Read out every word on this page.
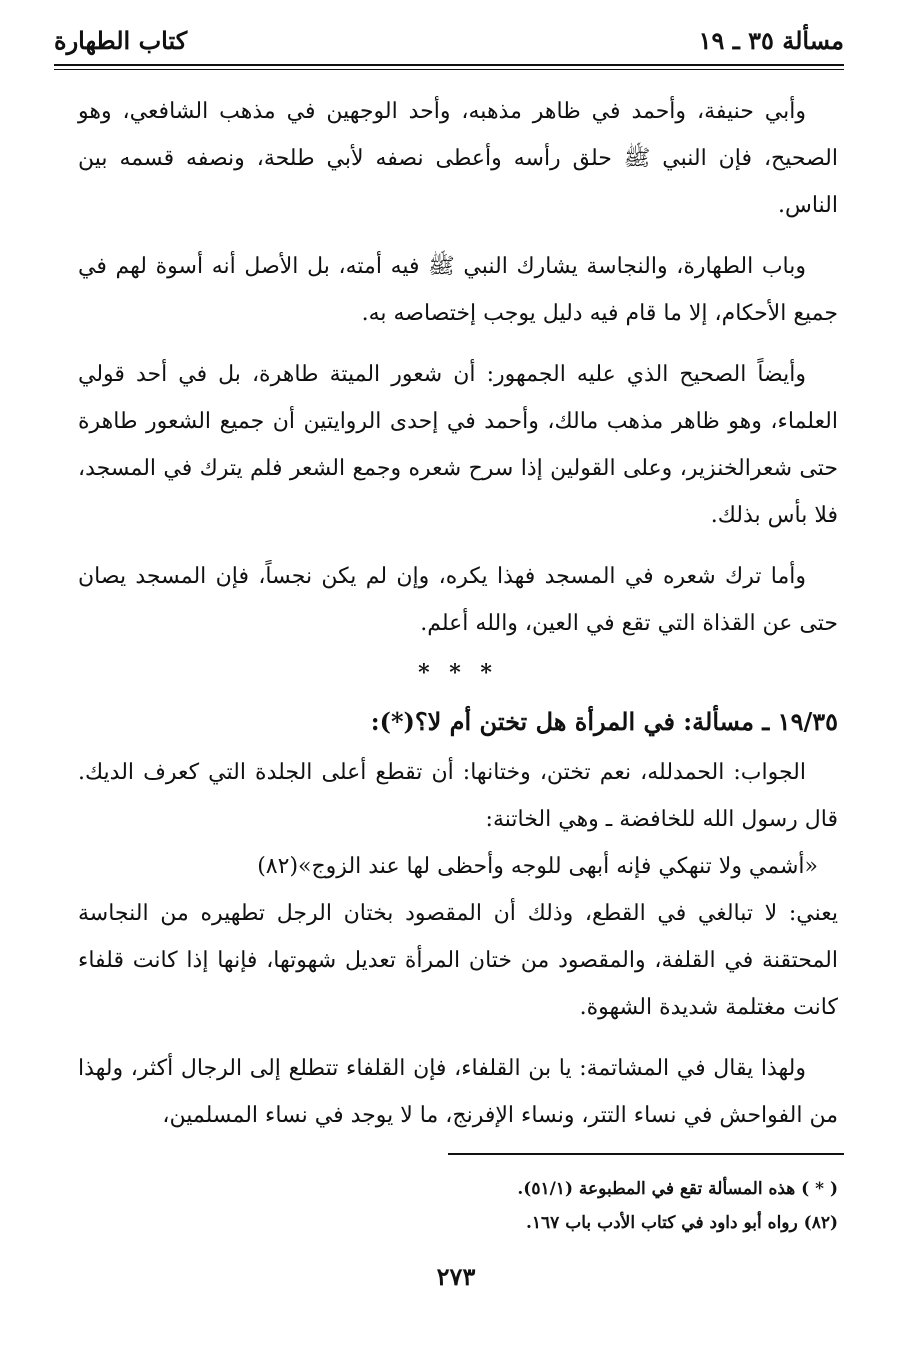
مسألة ٣٥ ـ ١٩
كتاب الطهارة

وأبي حنيفة، وأحمد في ظاهر مذهبه، وأحد الوجهين في مذهب الشافعي، وهو الصحيح، فإن النبي ﷺ حلق رأسه وأعطى نصفه لأبي طلحة، ونصفه قسمه بين الناس.

وباب الطهارة، والنجاسة يشارك النبي ﷺ فيه أمته، بل الأصل أنه أسوة لهم في جميع الأحكام، إلا ما قام فيه دليل يوجب إختصاصه به.

وأيضاً الصحيح الذي عليه الجمهور: أن شعور الميتة طاهرة، بل في أحد قولي العلماء، وهو ظاهر مذهب مالك، وأحمد في إحدى الروايتين أن جميع الشعور طاهرة حتى شعرالخنزير، وعلى القولين إذا سرح شعره وجمع الشعر فلم يترك في المسجد، فلا بأس بذلك.

وأما ترك شعره في المسجد فهذا يكره، وإن لم يكن نجساً، فإن المسجد يصان حتى عن القذاة التي تقع في العين، والله أعلم.

* * *
١٩/٣٥ ـ مسألة: في المرأة هل تختن أم لا؟(*):

الجواب: الحمدلله، نعم تختن، وختانها: أن تقطع أعلى الجلدة التي كعرف الديك. قال رسول الله للخافضة ـ وهي الخاتنة:

«أشمي ولا تنهكي فإنه أبهى للوجه وأحظى لها عند الزوج»(٨٢)

يعني: لا تبالغي في القطع، وذلك أن المقصود بختان الرجل تطهيره من النجاسة المحتقنة في القلفة، والمقصود من ختان المرأة تعديل شهوتها، فإنها إذا كانت قلفاء كانت مغتلمة شديدة الشهوة.

ولهذا يقال في المشاتمة: يا بن القلفاء، فإن القلفاء تتطلع إلى الرجال أكثر، ولهذا من الفواحش في نساء التتر، ونساء الإفرنج، ما لا يوجد في نساء المسلمين،

( * ) هذه المسألة تقع في المطبوعة (٥١/١).
(٨٢) رواه أبو داود في كتاب الأدب باب ١٦٧.
٢٧٣
